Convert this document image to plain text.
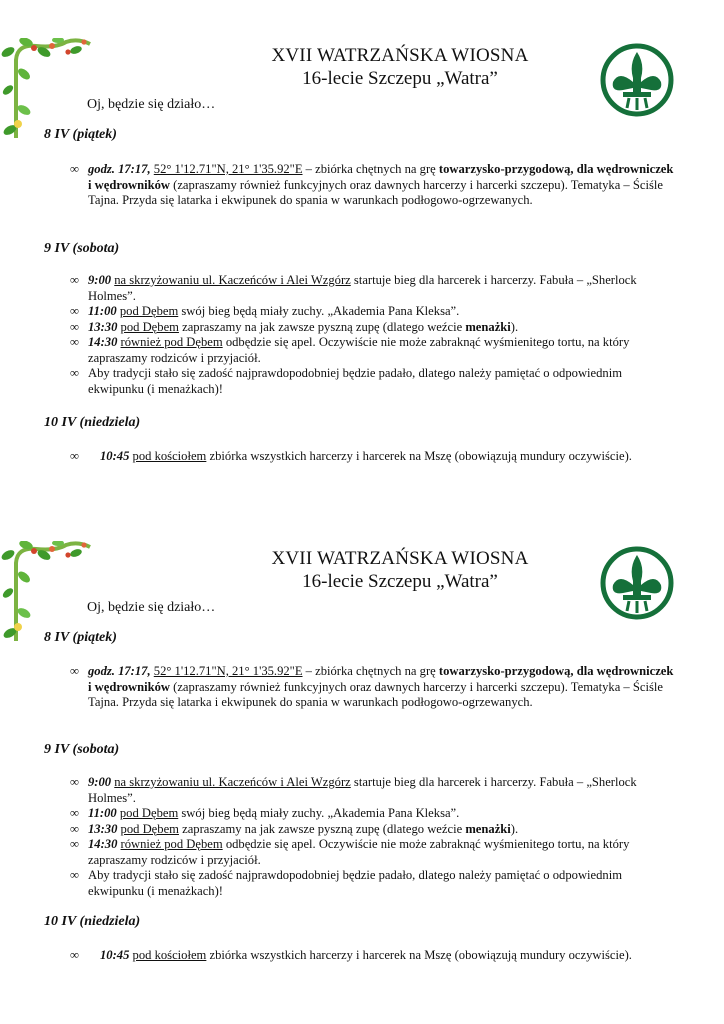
XVII WATRZAŃSKA WIOSNA
16-lecie Szczepu „Watra”
Oj, będzie się działo…
8 IV (piątek)
∞ godz. 17:17, 52° 1'12.71"N, 21° 1'35.92"E – zbiórka chętnych na grę towarzysko-przygodową, dla wędrowniczek i wędrowników (zapraszamy również funkcyjnych oraz dawnych harcerzy i harcerki szczepu). Tematyka – Ściśle Tajna. Przyda się latarka i ekwipunek do spania w warunkach podłogowo-ogrzewanych.
9 IV (sobota)
∞ 9:00 na skrzyżowaniu ul. Kaczeńców i Alei Wzgórz startuje bieg dla harcerek i harcerzy. Fabuła – „Sherlock Holmes”.
∞ 11:00 pod Dębem swój bieg będą miały zuchy. „Akademia Pana Kleksa”.
∞ 13:30 pod Dębem zapraszamy na jak zawsze pyszną zupę (dlatego weźcie menażki).
∞ 14:30 również pod Dębem odbędzie się apel. Oczywiście nie może zabraknąć wyśmienitego tortu, na który zapraszamy rodziców i przyjaciół.
∞ Aby tradycji stało się zadość najprawdopodobniej będzie padało, dlatego należy pamiętać o odpowiednim ekwipunku (i menażkach)!
10 IV (niedziela)
∞ 10:45 pod kościołem zbiórka wszystkich harcerzy i harcerek na Mszę (obowiązują mundury oczywiście).
XVII WATRZAŃSKA WIOSNA
16-lecie Szczepu „Watra”
Oj, będzie się działo…
8 IV (piątek)
∞ godz. 17:17, 52° 1'12.71"N, 21° 1'35.92"E – zbiórka chętnych na grę towarzysko-przygodową, dla wędrowniczek i wędrowników (zapraszamy również funkcyjnych oraz dawnych harcerzy i harcerki szczepu). Tematyka – Ściśle Tajna. Przyda się latarka i ekwipunek do spania w warunkach podłogowo-ogrzewanych.
9 IV (sobota)
∞ 9:00 na skrzyżowaniu ul. Kaczeńców i Alei Wzgórz startuje bieg dla harcerek i harcerzy. Fabuła – „Sherlock Holmes”.
∞ 11:00 pod Dębem swój bieg będą miały zuchy. „Akademia Pana Kleksa”.
∞ 13:30 pod Dębem zapraszamy na jak zawsze pyszną zupę (dlatego weźcie menażki).
∞ 14:30 również pod Dębem odbędzie się apel. Oczywiście nie może zabraknąć wyśmienitego tortu, na który zapraszamy rodziców i przyjaciół.
∞ Aby tradycji stało się zadość najprawdopodobniej będzie padało, dlatego należy pamiętać o odpowiednim ekwipunku (i menażkach)!
10 IV (niedziela)
∞ 10:45 pod kościołem zbiórka wszystkich harcerzy i harcerek na Mszę (obowiązują mundury oczywiście).
